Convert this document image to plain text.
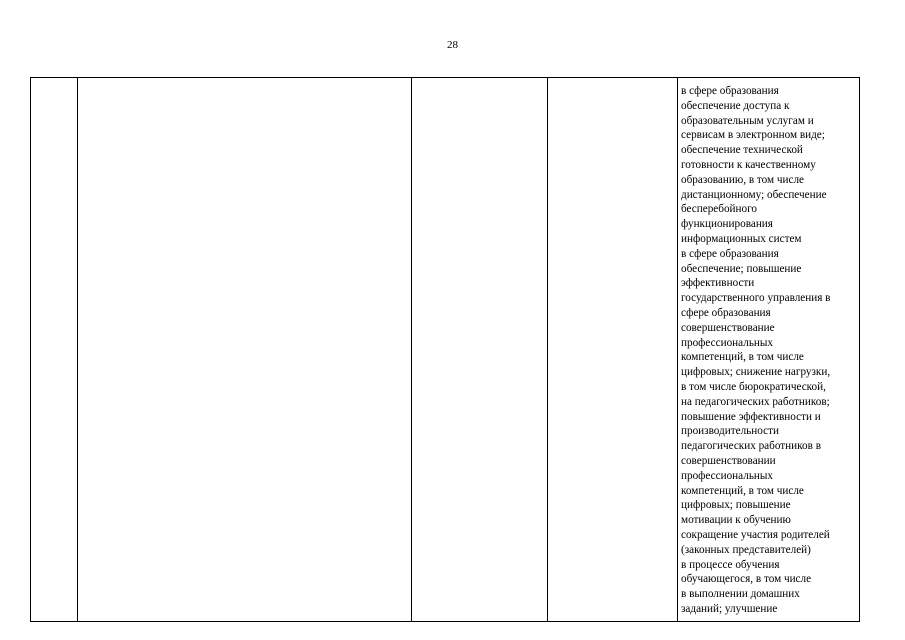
28
в сфере образования
обеспечение доступа к
образовательным услугам и
сервисам в электронном виде;
обеспечение технической
готовности к качественному
образованию, в том числе
дистанционному; обеспечение
бесперебойного
функционирования
информационных систем
в сфере образования
обеспечение; повышение
эффективности
государственного управления в
сфере образования
совершенствование
профессиональных
компетенций, в том числе
цифровых; снижение нагрузки,
в том числе бюрократической,
на педагогических работников;
повышение эффективности и
производительности
педагогических работников в
совершенствовании
профессиональных
компетенций, в том числе
цифровых; повышение
мотивации к обучению
сокращение участия родителей
(законных представителей)
в процессе обучения
обучающегося, в том числе
в выполнении домашних
заданий; улучшение
